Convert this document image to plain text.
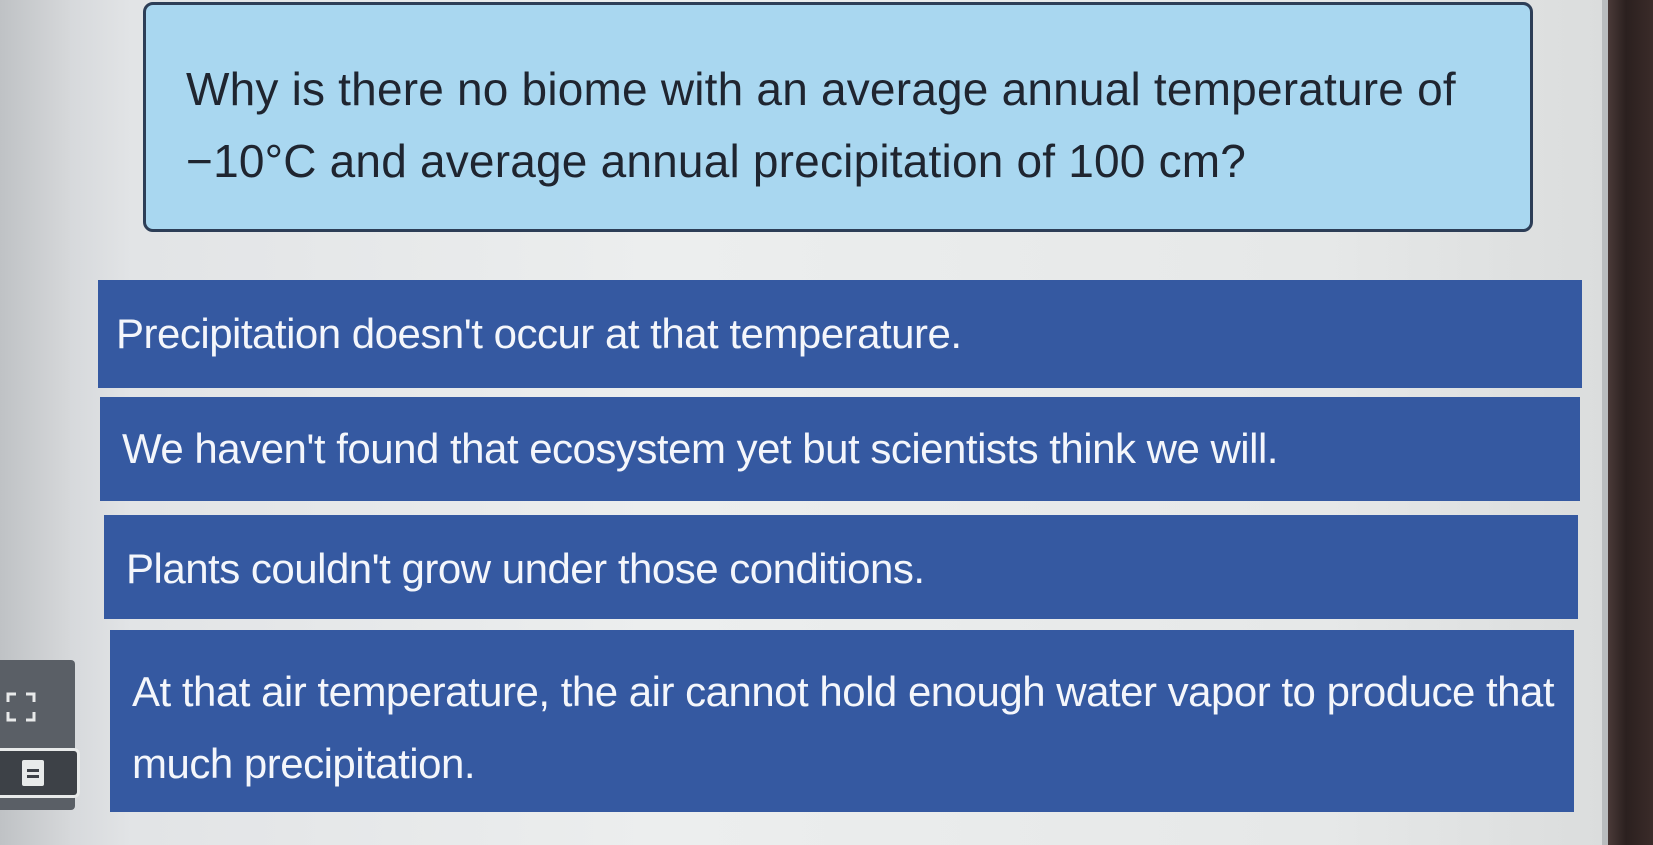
Why is there no biome with an average annual temperature of −10°C and average annual precipitation of 100 cm?

Precipitation doesn't occur at that temperature.
We haven't found that ecosystem yet but scientists think we will.
Plants couldn't grow under those conditions.
At that air temperature, the air cannot hold enough water vapor to produce that much precipitation.
